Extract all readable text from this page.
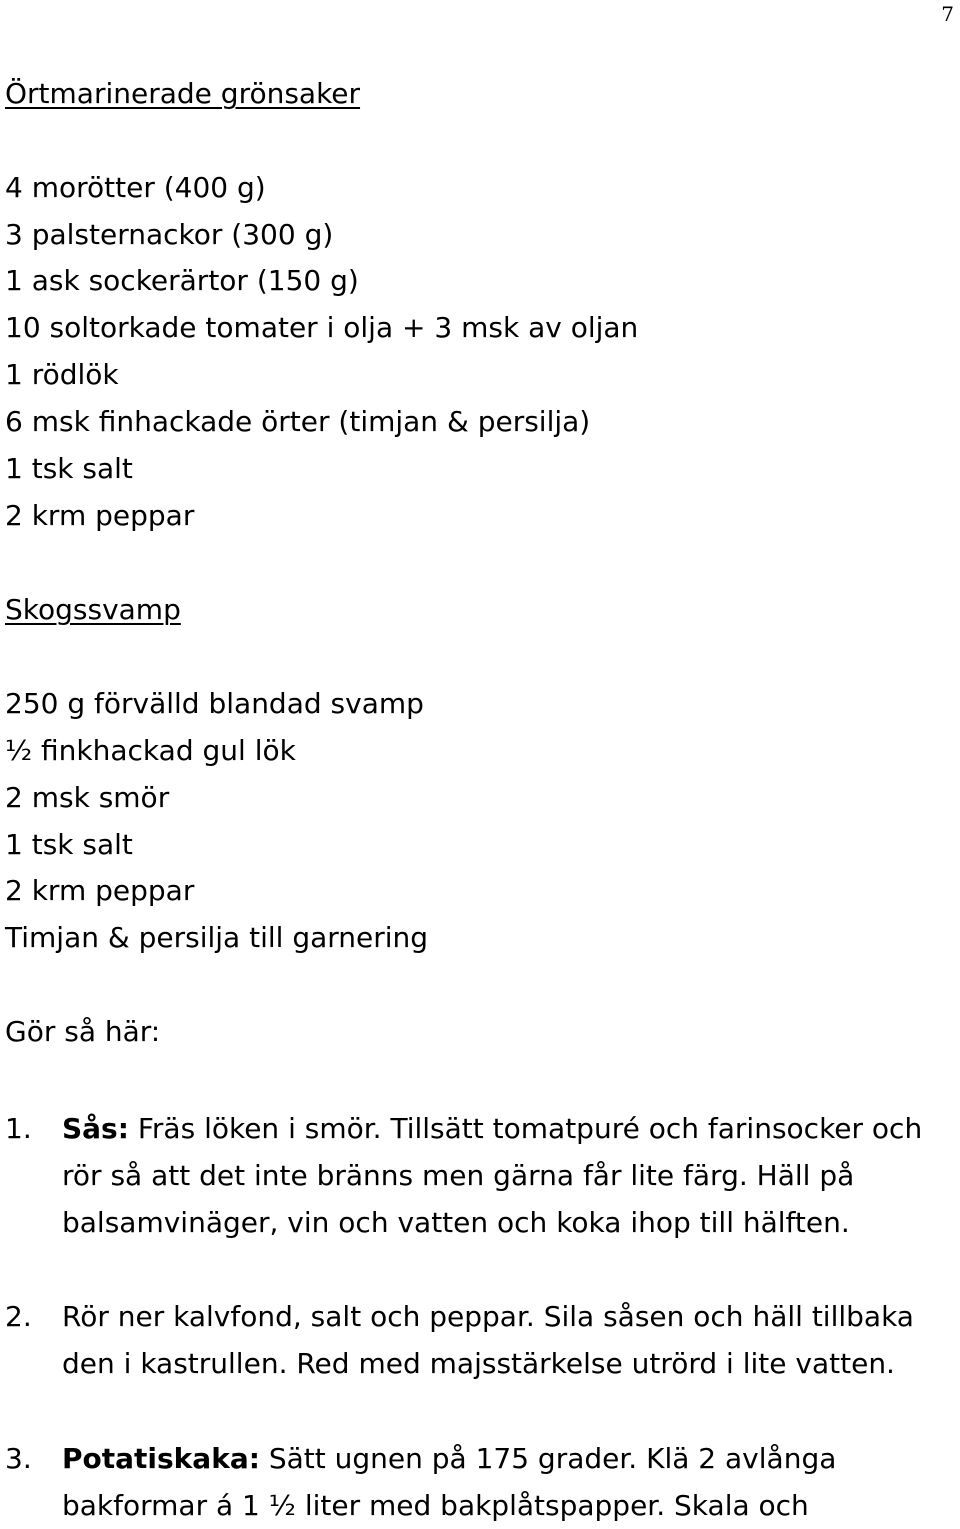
7
Örtmarinerade grönsaker
4 morötter (400 g)
3 palsternackor (300 g)
1 ask sockerärtor (150 g)
10 soltorkade tomater i olja + 3 msk av oljan
1 rödlök
6 msk finhackade örter (timjan & persilja)
1 tsk salt
2 krm peppar
Skogssvamp
250 g förvälld blandad svamp
½ finkhackad gul lök
2 msk smör
1 tsk salt
2 krm peppar
Timjan & persilja till garnering
Gör så här:
1. Sås: Fräs löken i smör. Tillsätt tomatpuré och farinsocker och rör så att det inte bränns men gärna får lite färg. Häll på balsamvinäger, vin och vatten och koka ihop till hälften.
2. Rör ner kalvfond, salt och peppar. Sila såsen och häll tillbaka den i kastrullen. Red med majsstärkelse utrörd i lite vatten.
3. Potatiskaka: Sätt ugnen på 175 grader. Klä 2 avlånga bakformar á 1 ½ liter med bakplåtspapper. Skala och
